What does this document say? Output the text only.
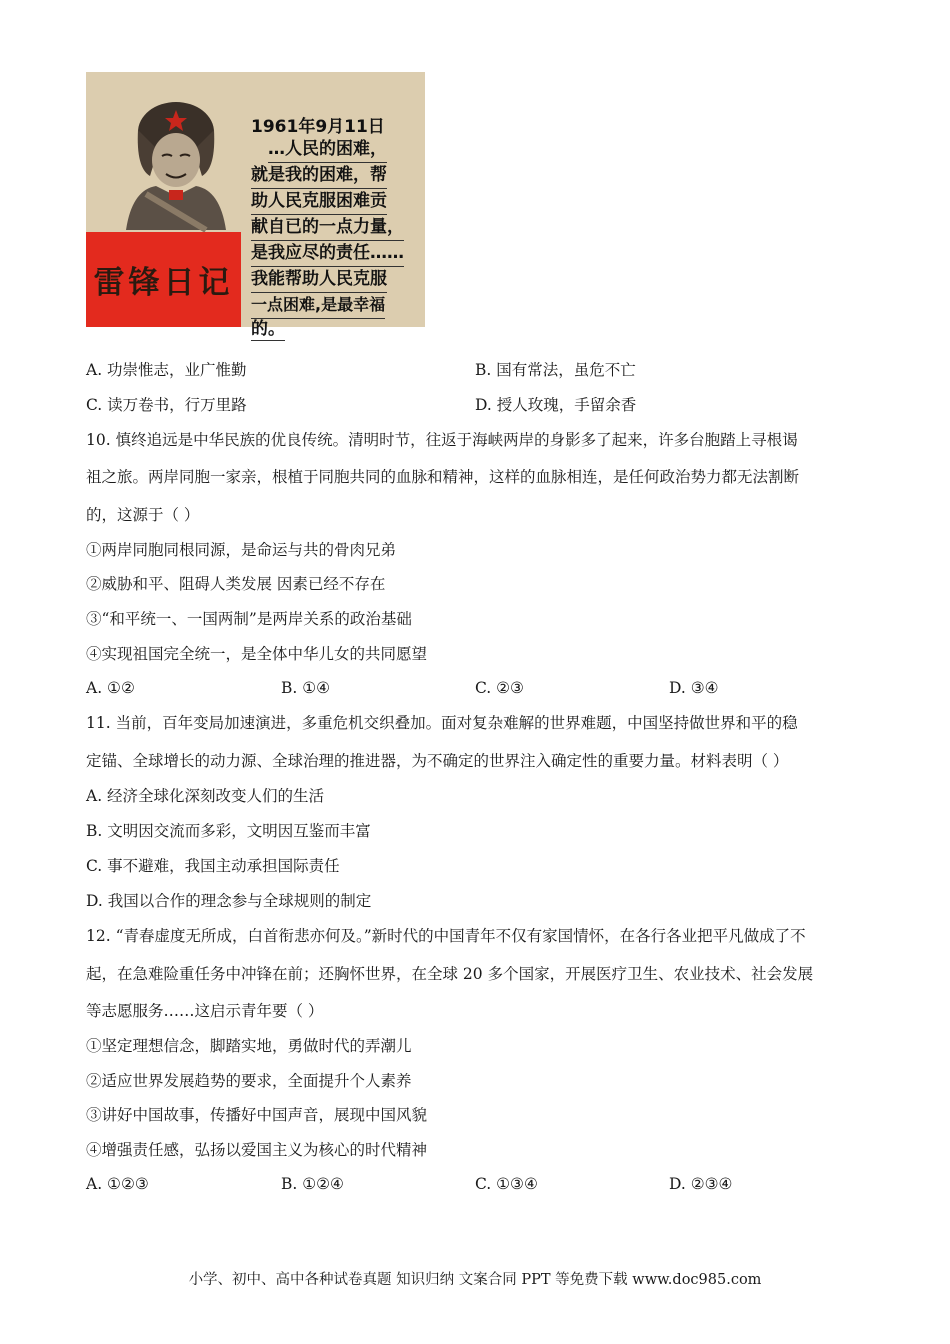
雷锋日记
1961年9月11日
…人民的困难，
就是我的困难，帮
助人民克服困难贡
献自已的一点力量，
是我应尽的责任……
我能帮助人民克服
一点困难,是最幸福
的。
A. 功崇惟志，业广惟勤	B. 国有常法，虽危不亡
C. 读万卷书，行万里路	D. 授人玫瑰，手留余香
10. 慎终追远是中华民族的优良传统。清明时节，往返于海峡两岸的身影多了起来，许多台胞踏上寻根谒
祖之旅。两岸同胞一家亲，根植于同胞共同的血脉和精神，这样的血脉相连，是任何政治势力都无法割断
的，这源于（ ）
①两岸同胞同根同源，是命运与共的骨肉兄弟
②威胁和平、阻碍人类发展 因素已经不存在
③“和平统一、一国两制”是两岸关系的政治基础
④实现祖国完全统一，是全体中华儿女的共同愿望
A. ①②	B. ①④	C. ②③	D. ③④
11. 当前，百年变局加速演进，多重危机交织叠加。面对复杂难解的世界难题，中国坚持做世界和平的稳
定锚、全球增长的动力源、全球治理的推进器，为不确定的世界注入确定性的重要力量。材料表明（ ）
A. 经济全球化深刻改变人们的生活
B. 文明因交流而多彩，文明因互鉴而丰富
C. 事不避难，我国主动承担国际责任
D. 我国以合作的理念参与全球规则的制定
12. “青春虚度无所成，白首衔悲亦何及。”新时代的中国青年不仅有家国情怀，在各行各业把平凡做成了不
起，在急难险重任务中冲锋在前；还胸怀世界，在全球 20 多个国家，开展医疗卫生、农业技术、社会发展
等志愿服务……这启示青年要（ ）
①坚定理想信念，脚踏实地，勇做时代的弄潮儿
②适应世界发展趋势的要求，全面提升个人素养
③讲好中国故事，传播好中国声音，展现中国风貌
④增强责任感，弘扬以爱国主义为核心的时代精神
A. ①②③	B. ①②④	C. ①③④	D. ②③④
小学、初中、高中各种试卷真题 知识归纳 文案合同 PPT 等免费下载 www.doc985.com
